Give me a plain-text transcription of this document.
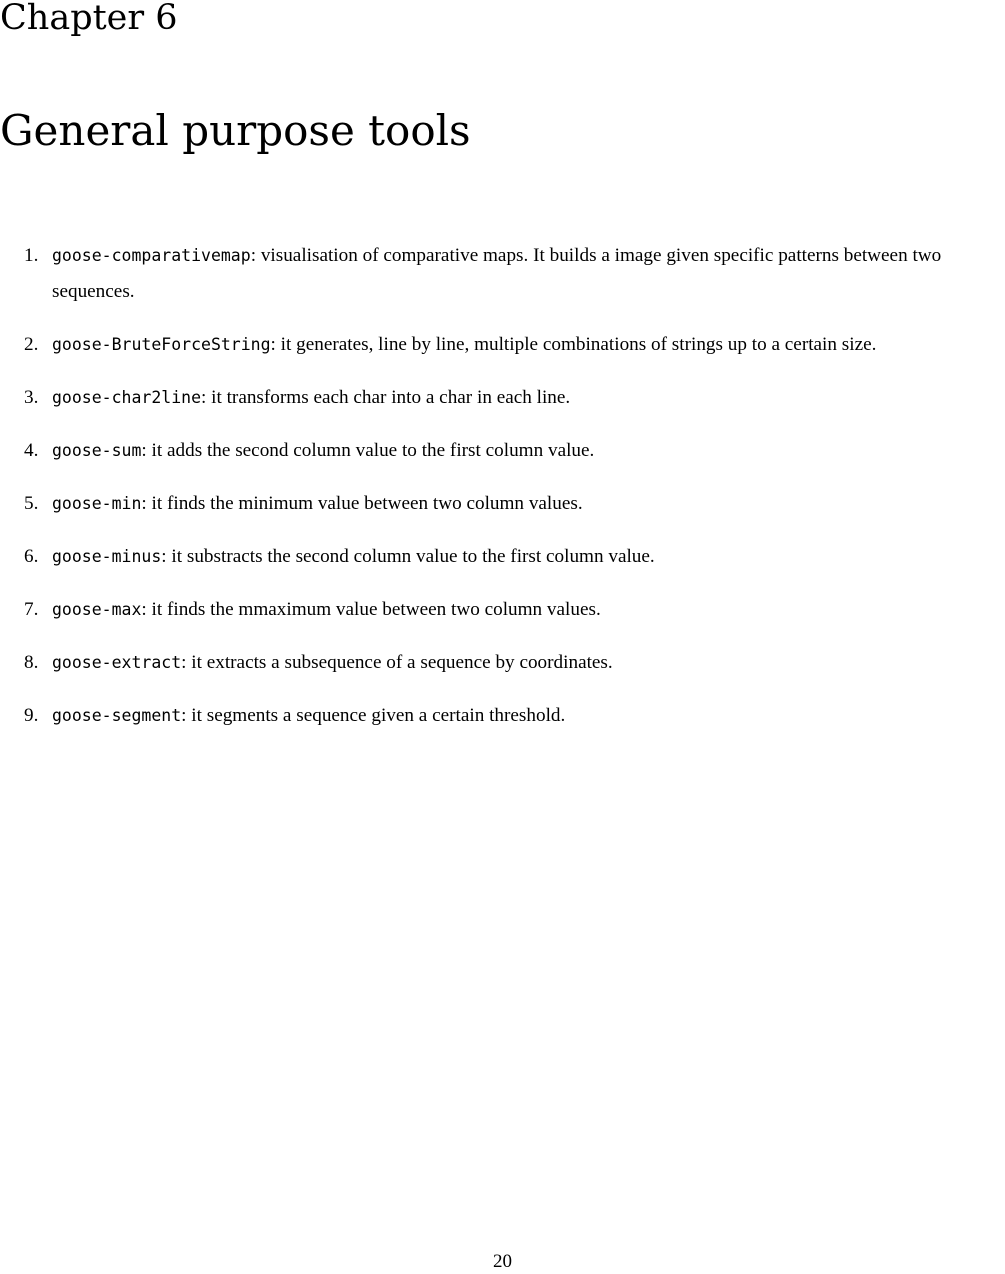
Chapter 6
General purpose tools
1. goose-comparativemap: visualisation of comparative maps. It builds a image given specific patterns between two sequences.
2. goose-BruteForceString: it generates, line by line, multiple combinations of strings up to a certain size.
3. goose-char2line: it transforms each char into a char in each line.
4. goose-sum: it adds the second column value to the first column value.
5. goose-min: it finds the minimum value between two column values.
6. goose-minus: it substracts the second column value to the first column value.
7. goose-max: it finds the mmaximum value between two column values.
8. goose-extract: it extracts a subsequence of a sequence by coordinates.
9. goose-segment: it segments a sequence given a certain threshold.
20
